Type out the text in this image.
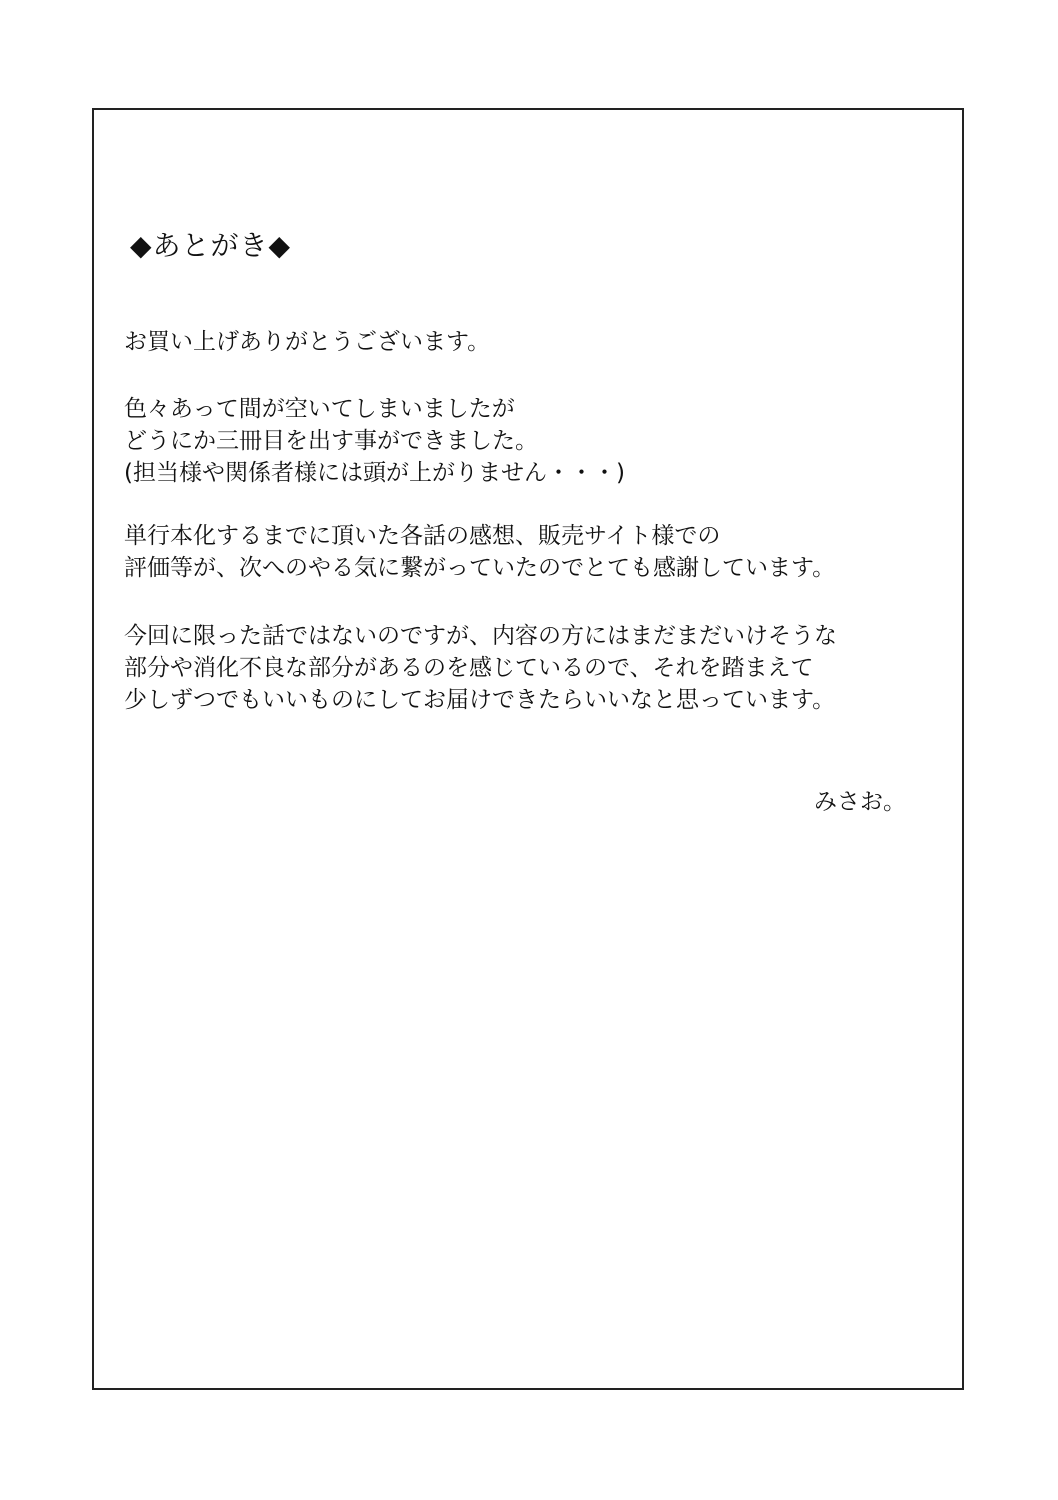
◆あとがき◆
お買い上げありがとうございます。
色々あって間が空いてしまいましたが
どうにか三冊目を出す事ができました。
(担当様や関係者様には頭が上がりません・・・)
単行本化するまでに頂いた各話の感想、販売サイト様での
評価等が、次へのやる気に繋がっていたのでとても感謝しています。
今回に限った話ではないのですが、内容の方にはまだまだいけそうな
部分や消化不良な部分があるのを感じているので、それを踏まえて
少しずつでもいいものにしてお届けできたらいいなと思っています。
みさお。
